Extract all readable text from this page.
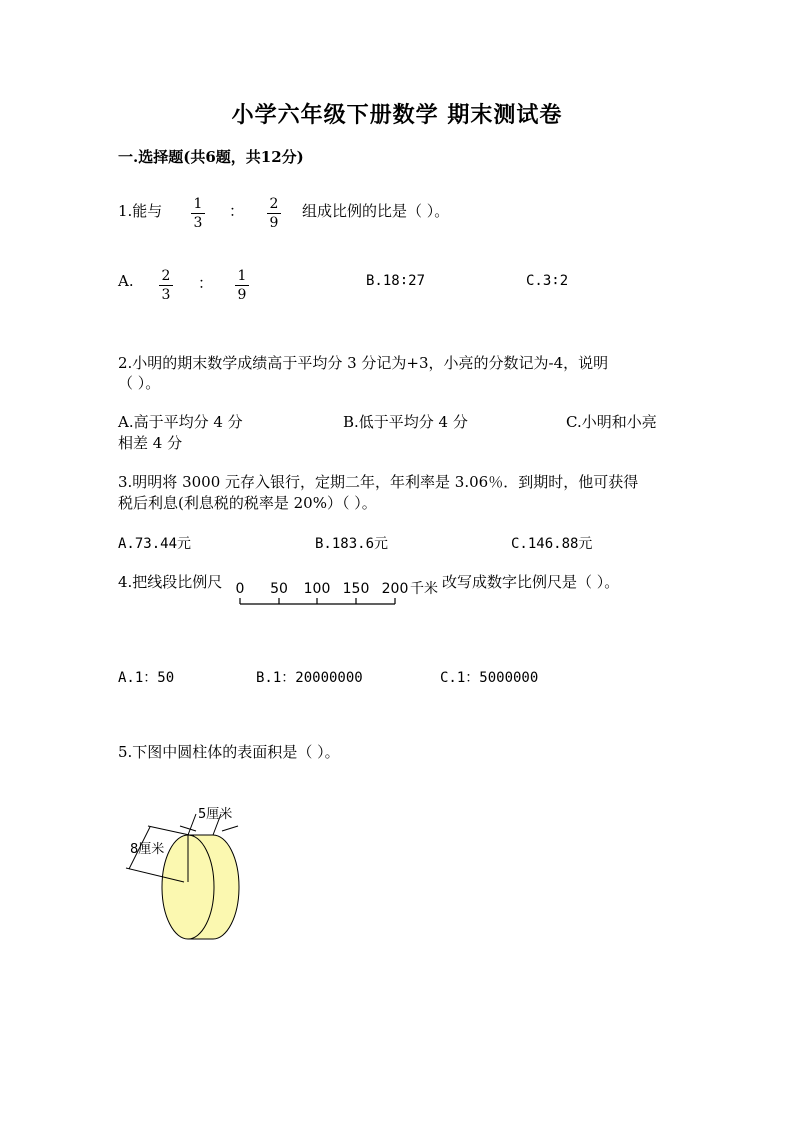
小学六年级下册数学 期末测试卷
一.选择题(共6题，共12分)
1.能与 1
3
： 2
9
组成比例的比是（ ）。
A. 2
3
： 1
9
B.18∶27	C.3∶2
2.小明的期末数学成绩高于平均分 3 分记为+3，小亮的分数记为-4，说明
（ ）。
A.高于平均分 4 分	B.低于平均分 4 分	C.小明和小亮
相差 4 分
3.明明将 3000 元存入银行，定期二年，年利率是 3.06％．到期时，他可获得
税后利息(利息税的税率是 20%）（ ）。
A.73.44元	B.183.6元	C.146.88元
4.把线段比例尺 0 50 100 150 200 千米 改写成数字比例尺是（ ）。
A.1：50	B.1：20000000	C.1：5000000
5.下图中圆柱体的表面积是（ ）。
8厘米
5厘米
